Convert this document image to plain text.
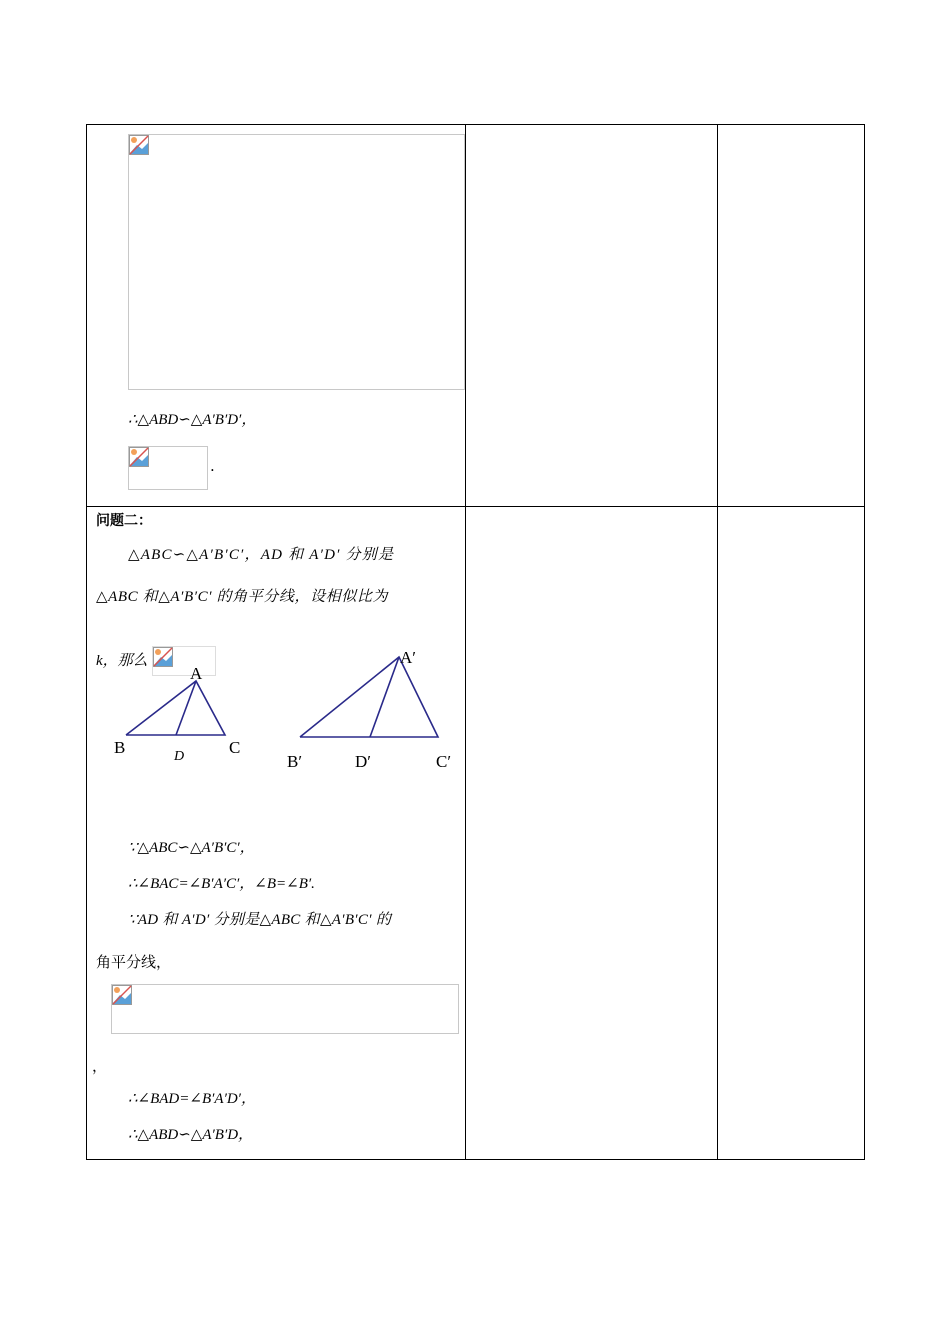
∴△ABD∽△A′B′D′，
.
问题二：
△ABC∽△A′B′C′，AD 和 A′D′ 分别是
△ABC 和△A′B′C′ 的角平分线，设相似比为
k，那么
A
B	C
D
A′
B′	D′	C′
∵△ABC∽△A′B′C′，
∴∠BAC=∠B′A′C′，∠B=∠B′.
∵AD 和 A′D′ 分别是△ABC 和△A′B′C′ 的
角平分线，
，
∴∠BAD=∠B′A′D′，
∴△ABD∽△A′B′D，
